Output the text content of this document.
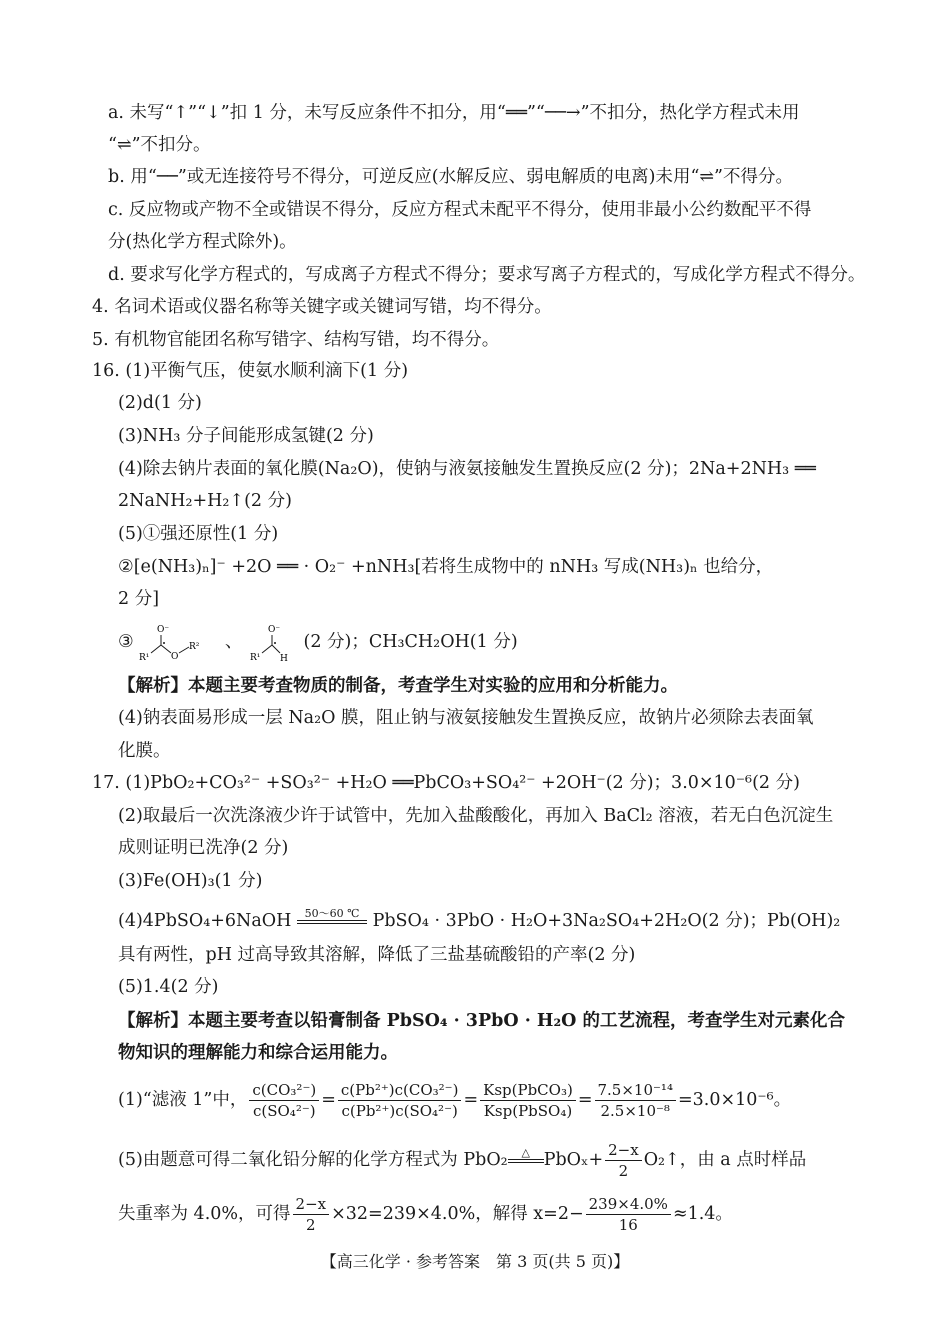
a. 未写“↑”“↓”扣 1 分，未写反应条件不扣分，用“══”“──→”不扣分，热化学方程式未用
“⇌”不扣分。
b. 用“──”或无连接符号不得分，可逆反应(水解反应、弱电解质的电离)未用“⇌”不得分。
c. 反应物或产物不全或错误不得分，反应方程式未配平不得分，使用非最小公约数配平不得
分(热化学方程式除外)。
d. 要求写化学方程式的，写成离子方程式不得分；要求写离子方程式的，写成化学方程式不得分。
4. 名词术语或仪器名称等关键字或关键词写错，均不得分。
5. 有机物官能团名称写错字、结构写错，均不得分。
16. (1)平衡气压，使氨水顺利滴下(1 分)
(2)d(1 分)
(3)NH₃ 分子间能形成氢键(2 分)
(4)除去钠片表面的氧化膜(Na₂O)，使钠与液氨接触发生置换反应(2 分)；2Na+2NH₃ ══
2NaNH₂+H₂↑(2 分)
(5)①强还原性(1 分)
②[e(NH₃)ₙ]⁻ +2O ══ · O₂⁻ +nNH₃[若将生成物中的 nNH₃ 写成(NH₃)ₙ 也给分，
2 分]
③
O⁻
R¹ O
R² 、
O⁻
R¹ H
(2 分)；CH₃CH₂OH(1 分)
【解析】本题主要考查物质的制备，考查学生对实验的应用和分析能力。
(4)钠表面易形成一层 Na₂O 膜，阻止钠与液氨接触发生置换反应，故钠片必须除去表面氧
化膜。
17. (1)PbO₂+CO₃²⁻ +SO₃²⁻ +H₂O ══PbCO₃+SO₄²⁻ +2OH⁻(2 分)；3.0×10⁻⁶(2 分)
(2)取最后一次洗涤液少许于试管中，先加入盐酸酸化，再加入 BaCl₂ 溶液，若无白色沉淀生
成则证明已洗净(2 分)
(3)Fe(OH)₃(1 分)
(4)4PbSO₄+6NaOH	50～60 ℃ PbSO₄ · 3PbO · H₂O+3Na₂SO₄+2H₂O(2 分)；Pb(OH)₂
具有两性，pH 过高导致其溶解，降低了三盐基硫酸铅的产率(2 分)
(5)1.4(2 分)
【解析】本题主要考查以铅膏制备 PbSO₄ · 3PbO · H₂O 的工艺流程，考查学生对元素化合
物知识的理解能力和综合运用能力。
(1)“滤液 1”中， $\frac{\text{c(CO₃²⁻)}}{\text{c(SO₄²⁻)}} = \frac{\text{c(Pb²⁺)c(CO₃²⁻)}}{\text{c(Pb²⁺)c(SO₄²⁻)}} = \frac{\text{Ksp(PbCO₃)}}{\text{Ksp(PbSO₄)}} = \frac{\text{7.5×10⁻¹⁴}}{\text{2.5×10⁻⁸}} =3.0\times 10^{-6}$。
(5)由题意可得二氧化铅分解的化学方程式为 PbO₂	△ $PbO_x+ \frac{2-x}{2}$ O₂↑，由 a 点时样品
失重率为 4.0%，可得 $\frac{2-x}{2} \times 32=239\times 4.0\%$，解得 $x=2- \frac{239\times 4.0\%}{16} \approx 1.4$。
【高三化学 · 参考答案　第 3 页(共 5 页)】
